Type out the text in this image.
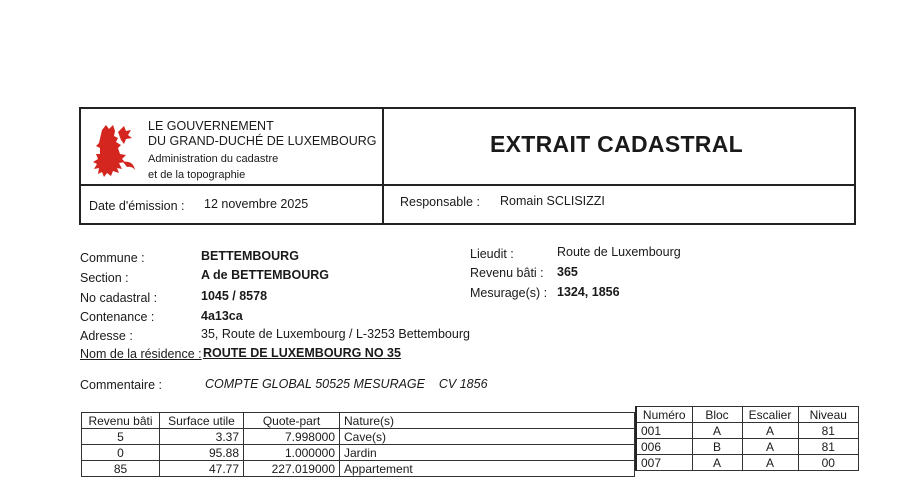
LE GOUVERNEMENT
DU GRAND-DUCHÉ DE LUXEMBOURG
Administration du cadastre
et de la topographie
EXTRAIT CADASTRAL
Date d'émission : 12 novembre 2025	Responsable : Romain SCLISIZZI
Commune :	BETTEMBOURG
Section :	A de BETTEMBOURG
No cadastral :	1045 / 8578
Contenance :	4a13ca
Adresse :	35, Route de Luxembourg / L-3253 Bettembourg
Nom de la résidence : ROUTE DE LUXEMBOURG NO 35
Lieudit :	Route de Luxembourg
Revenu bâti : 365
Mesurage(s) : 1324, 1856
Commentaire :	COMPTE GLOBAL 50525 MESURAGE    CV 1856
Revenu bâti	Surface utile	Quote-part	Nature(s)
5	3.37	7.998000	Cave(s)
0	95.88	1.000000	Jardin
85	47.77	227.019000	Appartement
Numéro	Bloc	Escalier	Niveau
001	A	A	81
006	B	A	81
007	A	A	00
